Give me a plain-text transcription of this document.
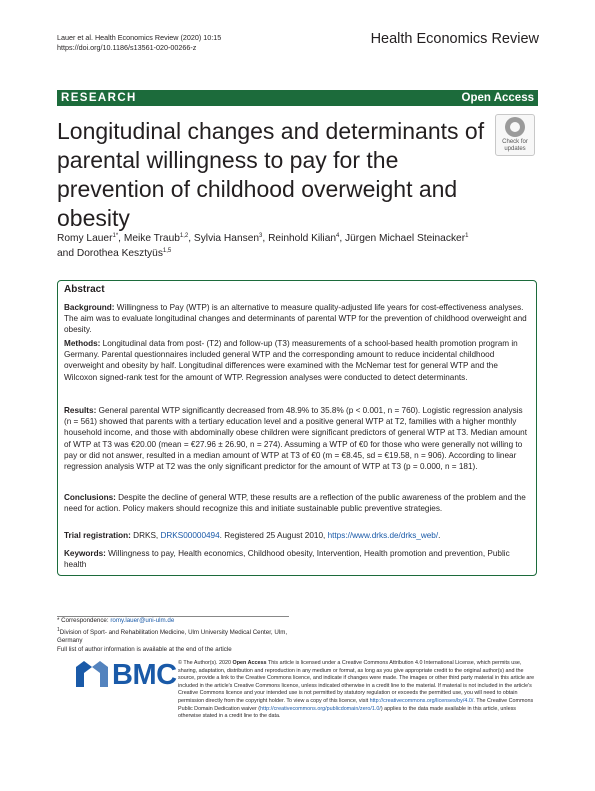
Lauer et al. Health Economics Review (2020) 10:15
https://doi.org/10.1186/s13561-020-00266-z
Health Economics Review
RESEARCH	Open Access
Longitudinal changes and determinants of parental willingness to pay for the prevention of childhood overweight and obesity
Check for
updates
Romy Lauer$^{1*}$, Meike Traub$^{1,2}$, Sylvia Hansen$^3$, Reinhold Kilian$^4$, Jürgen Michael Steinacker$^1$
and Dorothea Kesztyüs$^{1,5}$
Abstract
Background: Willingness to Pay (WTP) is an alternative to measure quality-adjusted life years for cost-effectiveness analyses. The aim was to evaluate longitudinal changes and determinants of parental WTP for the prevention of childhood overweight and obesity.
Methods: Longitudinal data from post- (T2) and follow-up (T3) measurements of a school-based health promotion program in Germany. Parental questionnaires included general WTP and the corresponding amount to reduce incidental childhood overweight and obesity by half. Longitudinal differences were examined with the McNemar test for general WTP and the Wilcoxon signed-rank test for the amount of WTP. Regression analyses were conducted to detect determinants.
Results: General parental WTP significantly decreased from 48.9% to 35.8% (p < 0.001, n = 760). Logistic regression analysis (n = 561) showed that parents with a tertiary education level and a positive general WTP at T2, families with a higher monthly household income, and those with abdominally obese children were significant predictors of general WTP at T3. Median amount of WTP at T3 was €20.00 (mean = €27.96 ± 26.90, n = 274). Assuming a WTP of €0 for those who were generally not willing to pay or did not answer, resulted in a median amount of WTP at T3 of €0 (m = €8.45, sd = €19.58, n = 906). According to linear regression analysis WTP at T2 was the only significant predictor for the amount of WTP at T3 (p = 0.000, n = 181).
Conclusions: Despite the decline of general WTP, these results are a reflection of the public awareness of the problem and the need for action. Policy makers should recognize this and initiate sustainable public preventive strategies.
Trial registration: DRKS, DRKS00000494. Registered 25 August 2010, https://www.drks.de/drks_web/.
Keywords: Willingness to pay, Health economics, Childhood obesity, Intervention, Health promotion and prevention, Public health
* Correspondence: romy.lauer@uni-ulm.de
$^1$Division of Sport- and Rehabilitation Medicine, Ulm University Medical Center, Ulm, Germany
Full list of author information is available at the end of the article
BMC © The Author(s). 2020 Open Access This article is licensed under a Creative Commons Attribution 4.0 International License, which permits use, sharing, adaptation, distribution and reproduction in any medium or format, as long as you give appropriate credit to the original author(s) and the source, provide a link to the Creative Commons licence, and indicate if changes were made. The images or other third party material in this article are included in the article's Creative Commons licence, unless indicated otherwise in a credit line to the material. If material is not included in the article's Creative Commons licence and your intended use is not permitted by statutory regulation or exceeds the permitted use, you will need to obtain permission directly from the copyright holder. To view a copy of this licence, visit http://creativecommons.org/licenses/by/4.0/. The Creative Commons Public Domain Dedication waiver (http://creativecommons.org/publicdomain/zero/1.0/) applies to the data made available in this article, unless otherwise stated in a credit line to the data.
